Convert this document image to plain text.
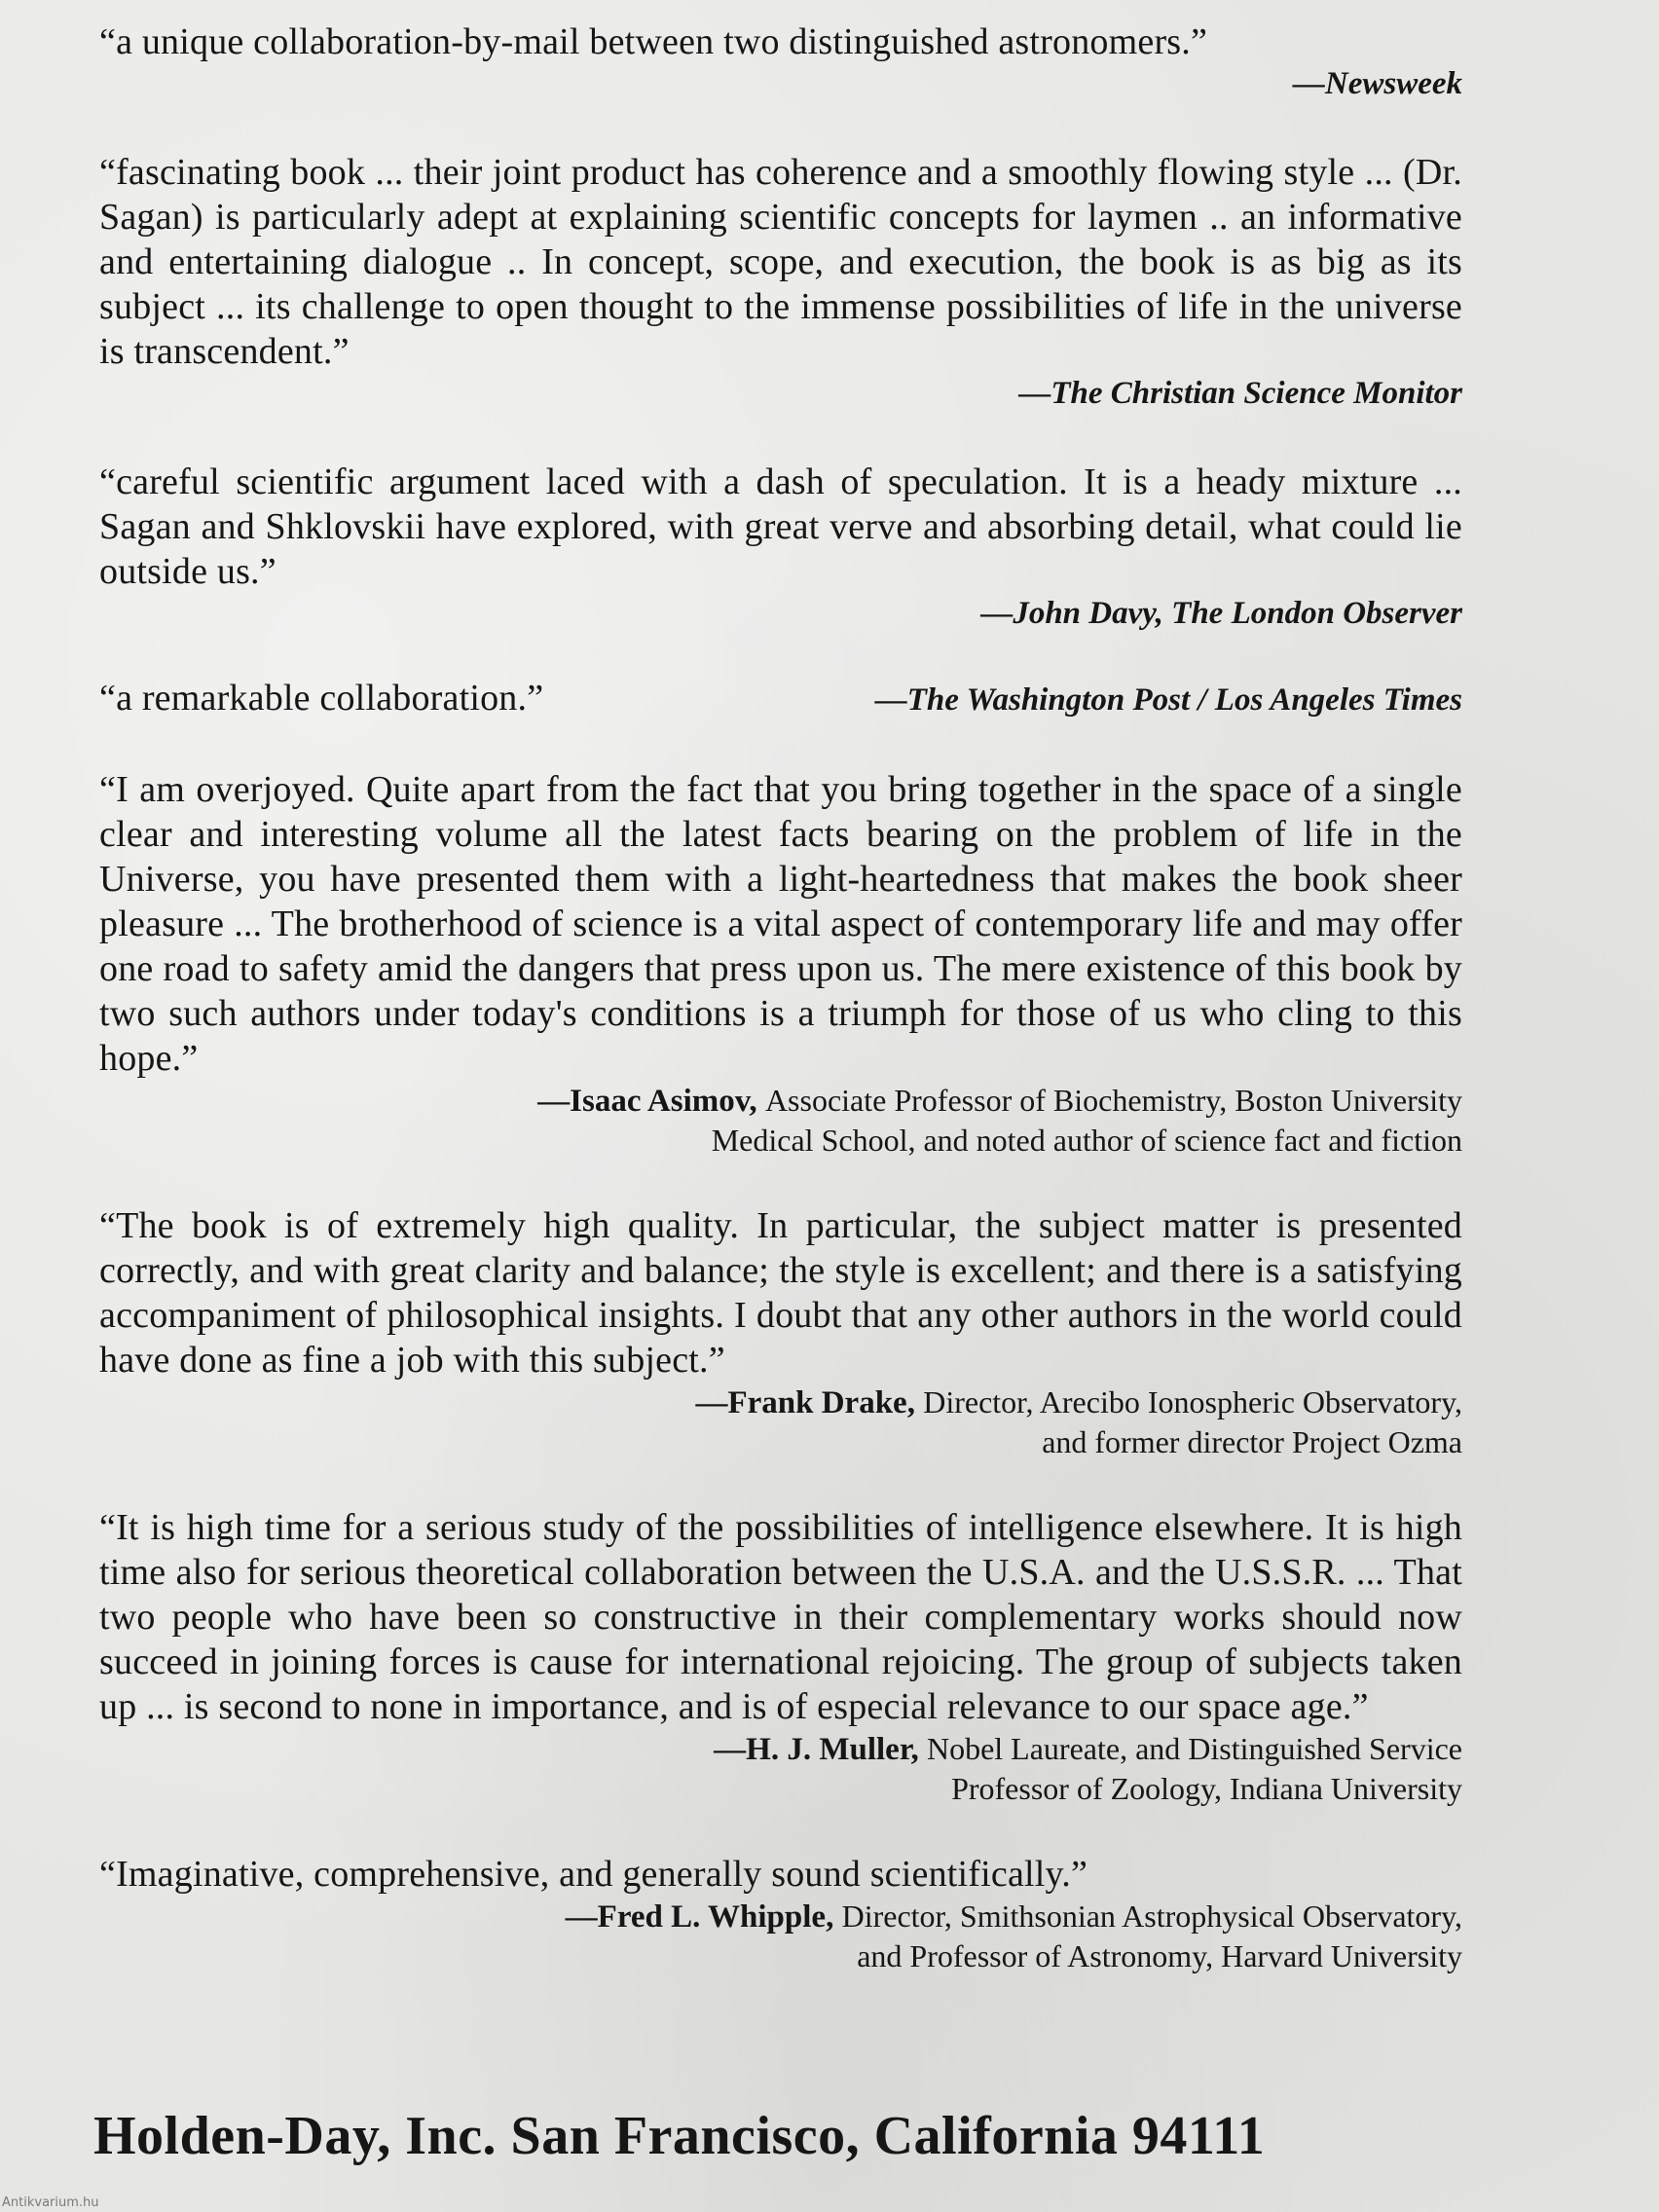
“a unique collaboration-by-mail between two distinguished astronomers.”

—Newsweek

“fascinating book ... their joint product has coherence and a smoothly flowing style ... (Dr. Sagan) is particularly adept at explaining scientific concepts for laymen .. an informative and entertaining dialogue .. In concept, scope, and execution, the book is as big as its subject ... its challenge to open thought to the immense possibilities of life in the universe is transcendent.”

—The Christian Science Monitor

“careful scientific argument laced with a dash of speculation. It is a heady mixture ... Sagan and Shklovskii have explored, with great verve and absorbing detail, what could lie outside us.”

—John Davy, The London Observer

“a remarkable collaboration.”	—The Washington Post / Los Angeles Times

“I am overjoyed. Quite apart from the fact that you bring together in the space of a single clear and interesting volume all the latest facts bearing on the problem of life in the Universe, you have presented them with a light-heartedness that makes the book sheer pleasure ... The brotherhood of science is a vital aspect of contemporary life and may offer one road to safety amid the dangers that press upon us. The mere existence of this book by two such authors under today's conditions is a triumph for those of us who cling to this hope.”

—Isaac Asimov, Associate Professor of Biochemistry, Boston University
Medical School, and noted author of science fact and fiction

“The book is of extremely high quality. In particular, the subject matter is presented correctly, and with great clarity and balance; the style is excellent; and there is a satisfying accompaniment of philosophical insights. I doubt that any other authors in the world could have done as fine a job with this subject.”

—Frank Drake, Director, Arecibo Ionospheric Observatory,
and former director Project Ozma

“It is high time for a serious study of the possibilities of intelligence elsewhere. It is high time also for serious theoretical collaboration between the U.S.A. and the U.S.S.R. ... That two people who have been so constructive in their complementary works should now succeed in joining forces is cause for international rejoicing. The group of subjects taken up ... is second to none in importance, and is of especial relevance to our space age.”

—H. J. Muller, Nobel Laureate, and Distinguished Service
Professor of Zoology, Indiana University

“Imaginative, comprehensive, and generally sound scientifically.”

—Fred L. Whipple, Director, Smithsonian Astrophysical Observatory,
and Professor of Astronomy, Harvard University

Holden-Day, Inc. San Francisco, California 94111
Antikvarium.hu
